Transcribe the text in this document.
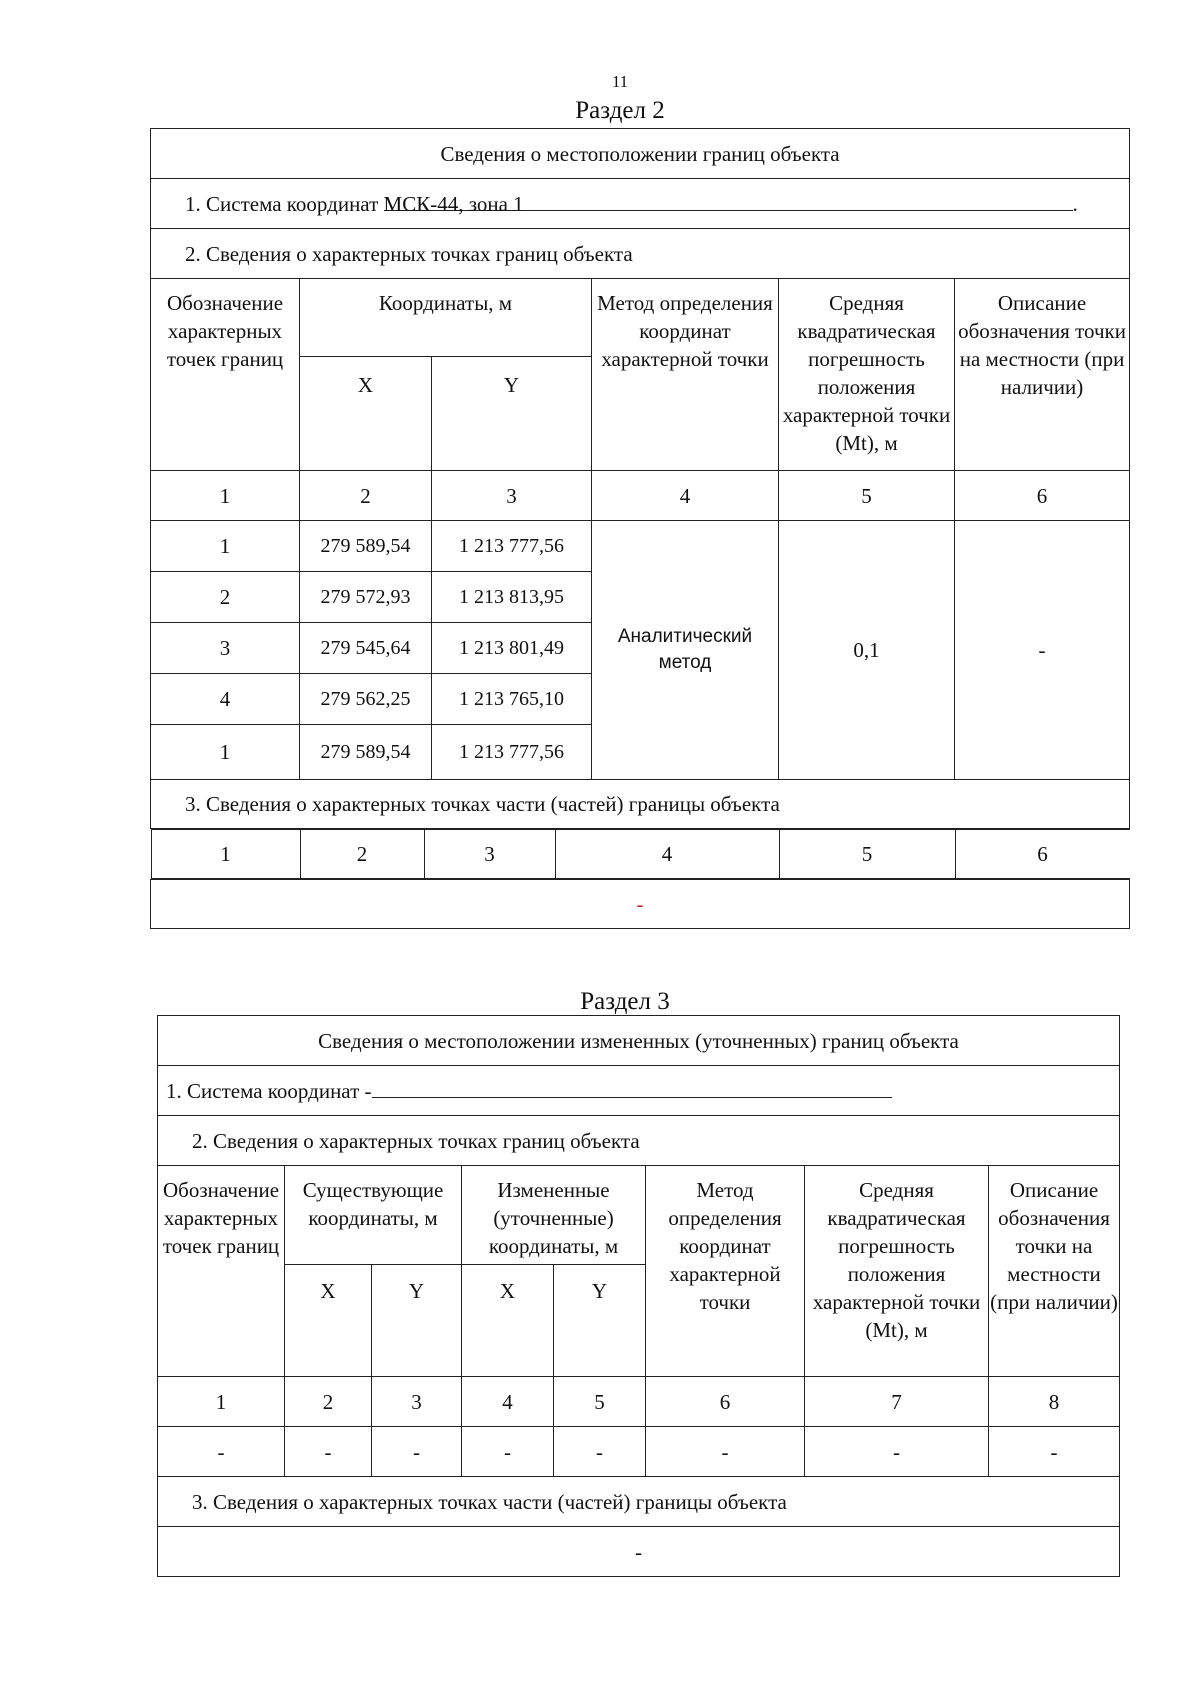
11
Раздел 2
Сведения о местоположении границ объекта
1. Система координат МСК-44, зона 1	.
2. Сведения о характерных точках границ объекта
Обозначение характерных точек границ	Координаты, м	Метод определения координат характерной точки	Средняя квадратическая погрешность положения характерной точки (Mt), м	Описание обозначения точки на местности (при наличии)
X	Y
1	2	3	4	5	6
1	279 589,54	1 213 777,56	Аналитический метод	0,1	-
2	279 572,93	1 213 813,95
3	279 545,64	1 213 801,49
4	279 562,25	1 213 765,10
1	279 589,54	1 213 777,56
3. Сведения о характерных точках части (частей) границы объекта

1	2	3	4	5	6

-
Раздел 3
Сведения о местоположении измененных (уточненных) границ объекта							
1. Система координат -							
2. Сведения о характерных точках границ объекта							
Обозначение характерных точек границ	Существующие координаты, м		Измененные (уточненные) координаты, м		Метод определения координат характерной точки	Средняя квадратическая погрешность положения характерной точки (Mt), м	Описание обозначения точки на местности (при наличии)
	X	Y	X	Y			
1	2	3	4	5	6	7	8
-	-	-	-	-	-	-	-
3. Сведения о характерных точках части (частей) границы объекта							
-							
